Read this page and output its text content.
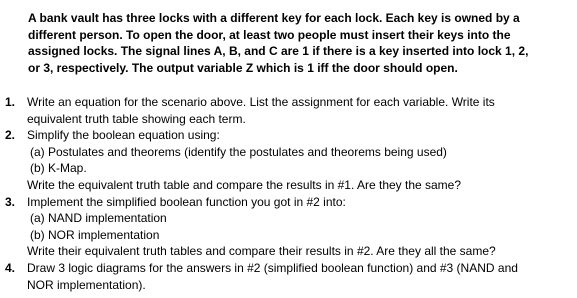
A bank vault has three locks with a different key for each lock. Each key is owned by a
different person. To open the door, at least two people must insert their keys into the
assigned locks. The signal lines A, B, and C are 1 if there is a key inserted into lock 1, 2,
or 3, respectively. The output variable Z which is 1 iff the door should open.
1. Write an equation for the scenario above. List the assignment for each variable. Write its
equivalent truth table showing each term.
2. Simplify the boolean equation using:
(a) Postulates and theorems (identify the postulates and theorems being used)
(b) K-Map.
Write the equivalent truth table and compare the results in #1. Are they the same?
3. Implement the simplified boolean function you got in #2 into:
(a) NAND implementation
(b) NOR implementation
Write their equivalent truth tables and compare their results in #2. Are they all the same?
4. Draw 3 logic diagrams for the answers in #2 (simplified boolean function) and #3 (NAND and
NOR implementation).
